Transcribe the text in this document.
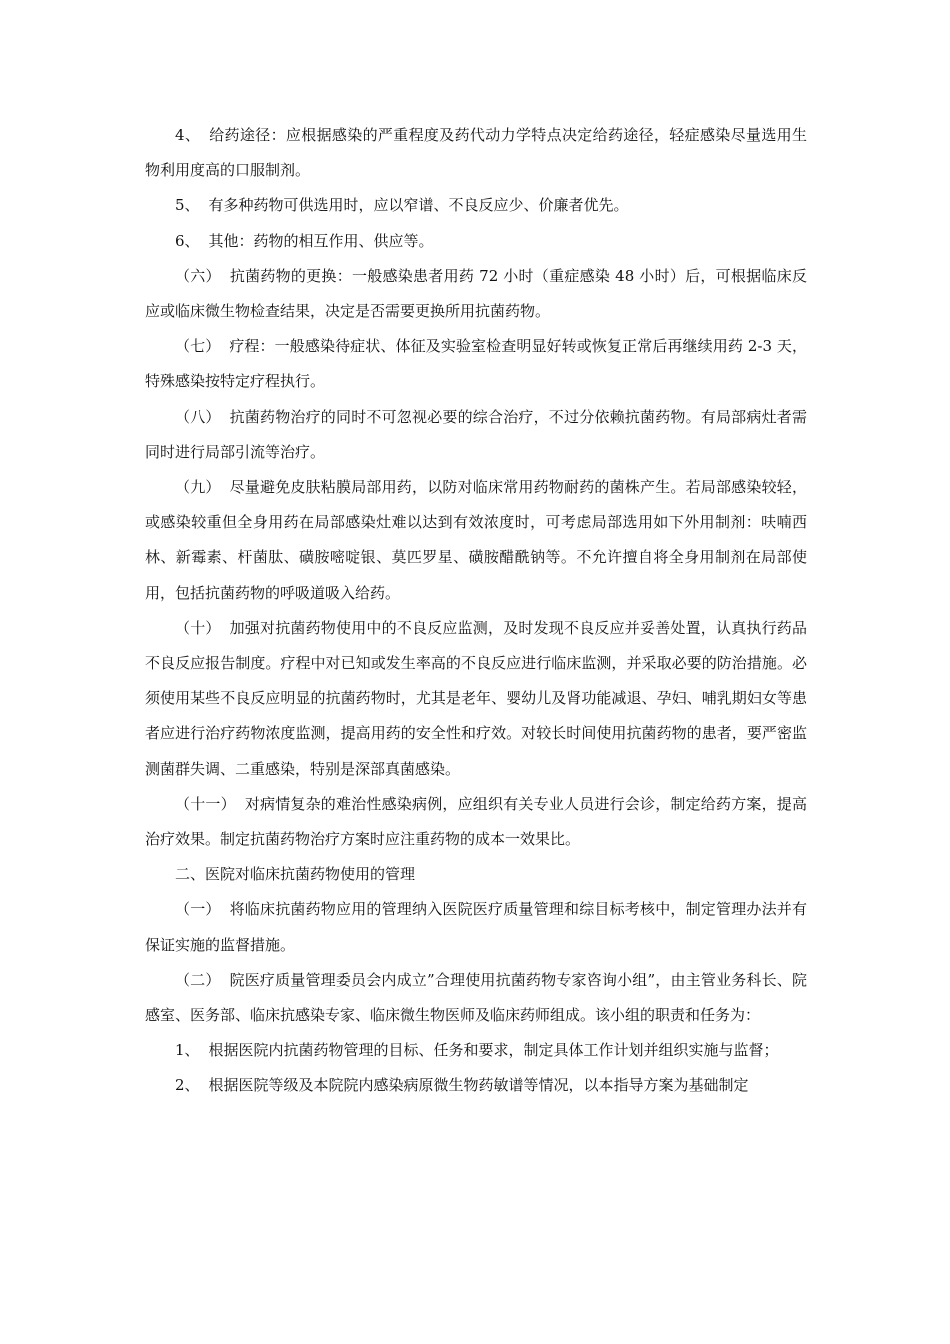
4、 给药途径：应根据感染的严重程度及药代动力学特点决定给药途径，轻症感染尽量选用生物利用度高的口服制剂。

5、 有多种药物可供选用时，应以窄谱、不良反应少、价廉者优先。

6、 其他：药物的相互作用、供应等。

（六） 抗菌药物的更换：一般感染患者用药 72 小时（重症感染 48 小时）后，可根据临床反应或临床微生物检查结果，决定是否需要更换所用抗菌药物。

（七） 疗程：一般感染待症状、体征及实验室检查明显好转或恢复正常后再继续用药 2-3 天，特殊感染按特定疗程执行。

（八） 抗菌药物治疗的同时不可忽视必要的综合治疗，不过分依赖抗菌药物。有局部病灶者需同时进行局部引流等治疗。

（九） 尽量避免皮肤粘膜局部用药，以防对临床常用药物耐药的菌株产生。若局部感染较轻，或感染较重但全身用药在局部感染灶难以达到有效浓度时，可考虑局部选用如下外用制剂：呋喃西林、新霉素、杆菌肽、磺胺嘧啶银、莫匹罗星、磺胺醋酰钠等。不允许擅自将全身用制剂在局部使用，包括抗菌药物的呼吸道吸入给药。

（十） 加强对抗菌药物使用中的不良反应监测，及时发现不良反应并妥善处置，认真执行药品不良反应报告制度。疗程中对已知或发生率高的不良反应进行临床监测，并采取必要的防治措施。必须使用某些不良反应明显的抗菌药物时，尤其是老年、婴幼儿及肾功能减退、孕妇、哺乳期妇女等患者应进行治疗药物浓度监测，提高用药的安全性和疗效。对较长时间使用抗菌药物的患者，要严密监测菌群失调、二重感染，特别是深部真菌感染。

（十一） 对病情复杂的难治性感染病例，应组织有关专业人员进行会诊，制定给药方案，提高治疗效果。制定抗菌药物治疗方案时应注重药物的成本一效果比。

二、医院对临床抗菌药物使用的管理

（一） 将临床抗菌药物应用的管理纳入医院医疗质量管理和综目标考核中，制定管理办法并有保证实施的监督措施。

（二） 院医疗质量管理委员会内成立”合理使用抗菌药物专家咨询小组”，由主管业务科长、院感室、医务部、临床抗感染专家、临床微生物医师及临床药师组成。该小组的职责和任务为：

1、 根据医院内抗菌药物管理的目标、任务和要求，制定具体工作计划并组织实施与监督；

2、 根据医院等级及本院院内感染病原微生物药敏谱等情况，以本指导方案为基础制定
